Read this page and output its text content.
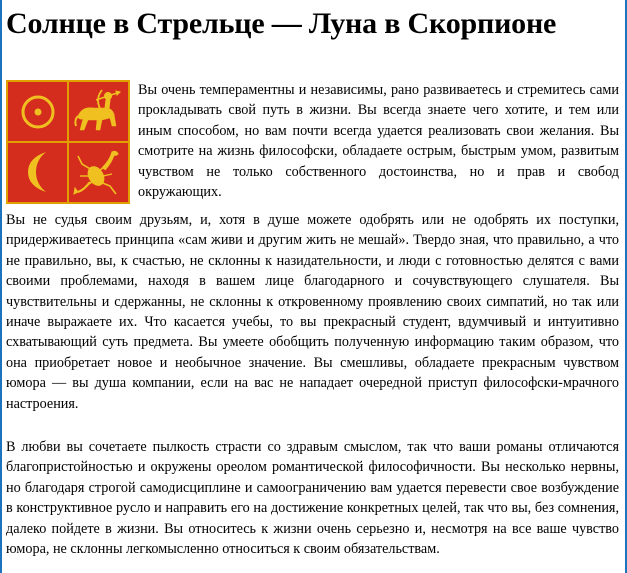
Солнце в Стрельце — Луна в Скорпионе

Вы очень темпераментны и независимы, рано развиваетесь и стремитесь сами прокладывать свой путь в жизни. Вы всегда знаете чего хотите, и тем или иным способом, но вам почти всегда удается реализовать свои желания. Вы смотрите на жизнь философски, обладаете острым, быстрым умом, развитым чувством не только собственного достоинства, но и прав и свобод окружающих.

Вы не судья своим друзьям, и, хотя в душе можете одобрять или не одобрять их поступки, придерживаетесь принципа «сам живи и другим жить не мешай». Твердо зная, что правильно, а что не правильно, вы, к счастью, не склонны к назидательности, и люди с готовностью делятся с вами своими проблемами, находя в вашем лице благодарного и сочувствующего слушателя. Вы чувствительны и сдержанны, не склонны к откровенному проявлению своих симпатий, но так или иначе выражаете их. Что касается учебы, то вы прекрасный студент, вдумчивый и интуитивно схватывающий суть предмета. Вы умеете обобщить полученную информацию таким образом, что она приобретает новое и необычное значение. Вы смешливы, обладаете прекрасным чувством юмора — вы душа компании, если на вас не нападает очередной приступ философски-мрачного настроения.

В любви вы сочетаете пылкость страсти со здравым смыслом, так что ваши романы отличаются благопристойностью и окружены ореолом романтической философичности. Вы несколько нервны, но благодаря строгой самодисциплине и самоограничению вам удается перевести свое возбуждение в конструктивное русло и направить его на достижение конкретных целей, так что вы, без сомнения, далеко пойдете в жизни. Вы относитесь к жизни очень серьезно и, несмотря на все ваше чувство юмора, не склонны легкомысленно относиться к своим обязательствам.
